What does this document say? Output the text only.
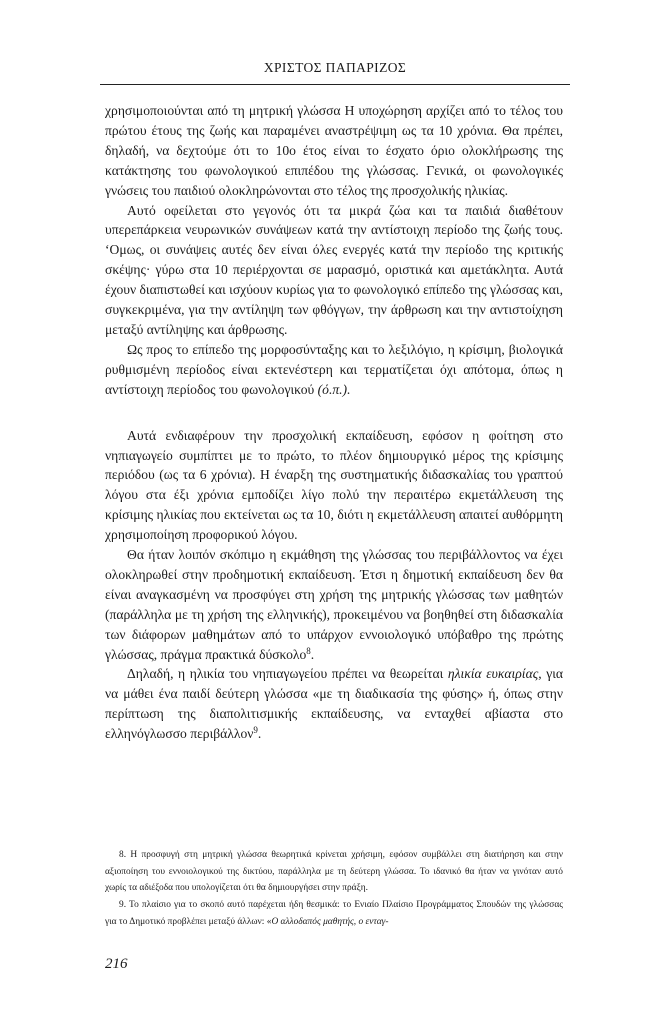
ΧΡΙΣΤΟΣ ΠΑΠΑΡΙΖΟΣ

χρησιμοποιούνται από τη μητρική γλώσσα Η υποχώρηση αρχίζει από το τέλος του πρώτου έτους της ζωής και παραμένει αναστρέψιμη ως τα 10 χρόνια. Θα πρέπει, δηλαδή, να δεχτούμε ότι το 10ο έτος είναι το έσχατο όριο ολοκλήρωσης της κατάκτησης του φωνολογικού επιπέδου της γλώσσας. Γενικά, οι φωνολογικές γνώσεις του παιδιού ολοκληρώνονται στο τέλος της προσχολικής ηλικίας.

Αυτό οφείλεται στο γεγονός ότι τα μικρά ζώα και τα παιδιά διαθέτουν υπερεπάρκεια νευρωνικών συνάψεων κατά την αντίστοιχη περίοδο της ζωής τους. ‘Ομως, οι συνάψεις αυτές δεν είναι όλες ενεργές κατά την περίοδο της κριτικής σκέψης· γύρω στα 10 περιέρχονται σε μαρασμό, οριστικά και αμετάκλητα. Αυτά έχουν διαπιστωθεί και ισχύουν κυρίως για το φωνολογικό επίπεδο της γλώσσας και, συγκεκριμένα, για την αντίληψη των φθόγγων, την άρθρωση και την αντιστοίχηση μεταξύ αντίληψης και άρθρωσης.

Ως προς το επίπεδο της μορφοσύνταξης και το λεξιλόγιο, η κρίσιμη, βιολογικά ρυθμισμένη περίοδος είναι εκτενέστερη και τερματίζεται όχι απότομα, όπως η αντίστοιχη περίοδος του φωνολογικού (ό.π.).

Αυτά ενδιαφέρουν την προσχολική εκπαίδευση, εφόσον η φοίτηση στο νηπιαγωγείο συμπίπτει με το πρώτο, το πλέον δημιουργικό μέρος της κρίσιμης περιόδου (ως τα 6 χρόνια). Η έναρξη της συστηματικής διδασκαλίας του γραπτού λόγου στα έξι χρόνια εμποδίζει λίγο πολύ την περαιτέρω εκμετάλλευση της κρίσιμης ηλικίας που εκτείνεται ως τα 10, διότι η εκμετάλλευση απαιτεί αυθόρμητη χρησιμοποίηση προφορικού λόγου.

Θα ήταν λοιπόν σκόπιμο η εκμάθηση της γλώσσας του περιβάλλοντος να έχει ολοκληρωθεί στην προδημοτική εκπαίδευση. Έτσι η δημοτική εκπαίδευση δεν θα είναι αναγκασμένη να προσφύγει στη χρήση της μητρικής γλώσσας των μαθητών (παράλληλα με τη χρήση της ελληνικής), προκειμένου να βοηθηθεί στη διδασκαλία των διάφορων μαθημάτων από το υπάρχον εννοιολογικό υπόβαθρο της πρώτης γλώσσας, πράγμα πρακτικά δύσκολο$^8$.

Δηλαδή, η ηλικία του νηπιαγωγείου πρέπει να θεωρείται ηλικία ευκαιρίας, για να μάθει ένα παιδί δεύτερη γλώσσα «με τη διαδικασία της φύσης» ή, όπως στην περίπτωση της διαπολιτισμικής εκπαίδευσης, να ενταχθεί αβίαστα στο ελληνόγλωσσο περιβάλλον$^9$.

8. Η προσφυγή στη μητρική γλώσσα θεωρητικά κρίνεται χρήσιμη, εφόσον συμβάλλει στη διατήρηση και στην αξιοποίηση του εννοιολογικού της δικτύου, παράλληλα με τη δεύτερη γλώσσα. Το ιδανικό θα ήταν να γινόταν αυτό χωρίς τα αδιέξοδα που υπολογίζεται ότι θα δημιουργήσει στην πράξη.

9. Το πλαίσιο για το σκοπό αυτό παρέχεται ήδη θεσμικά: το Ενιαίο Πλαίσιο Προγράμματος Σπουδών της γλώσσας για το Δημοτικό προβλέπει μεταξύ άλλων: «Ο αλλοδαπός μαθητής, ο ενταγ-

216
